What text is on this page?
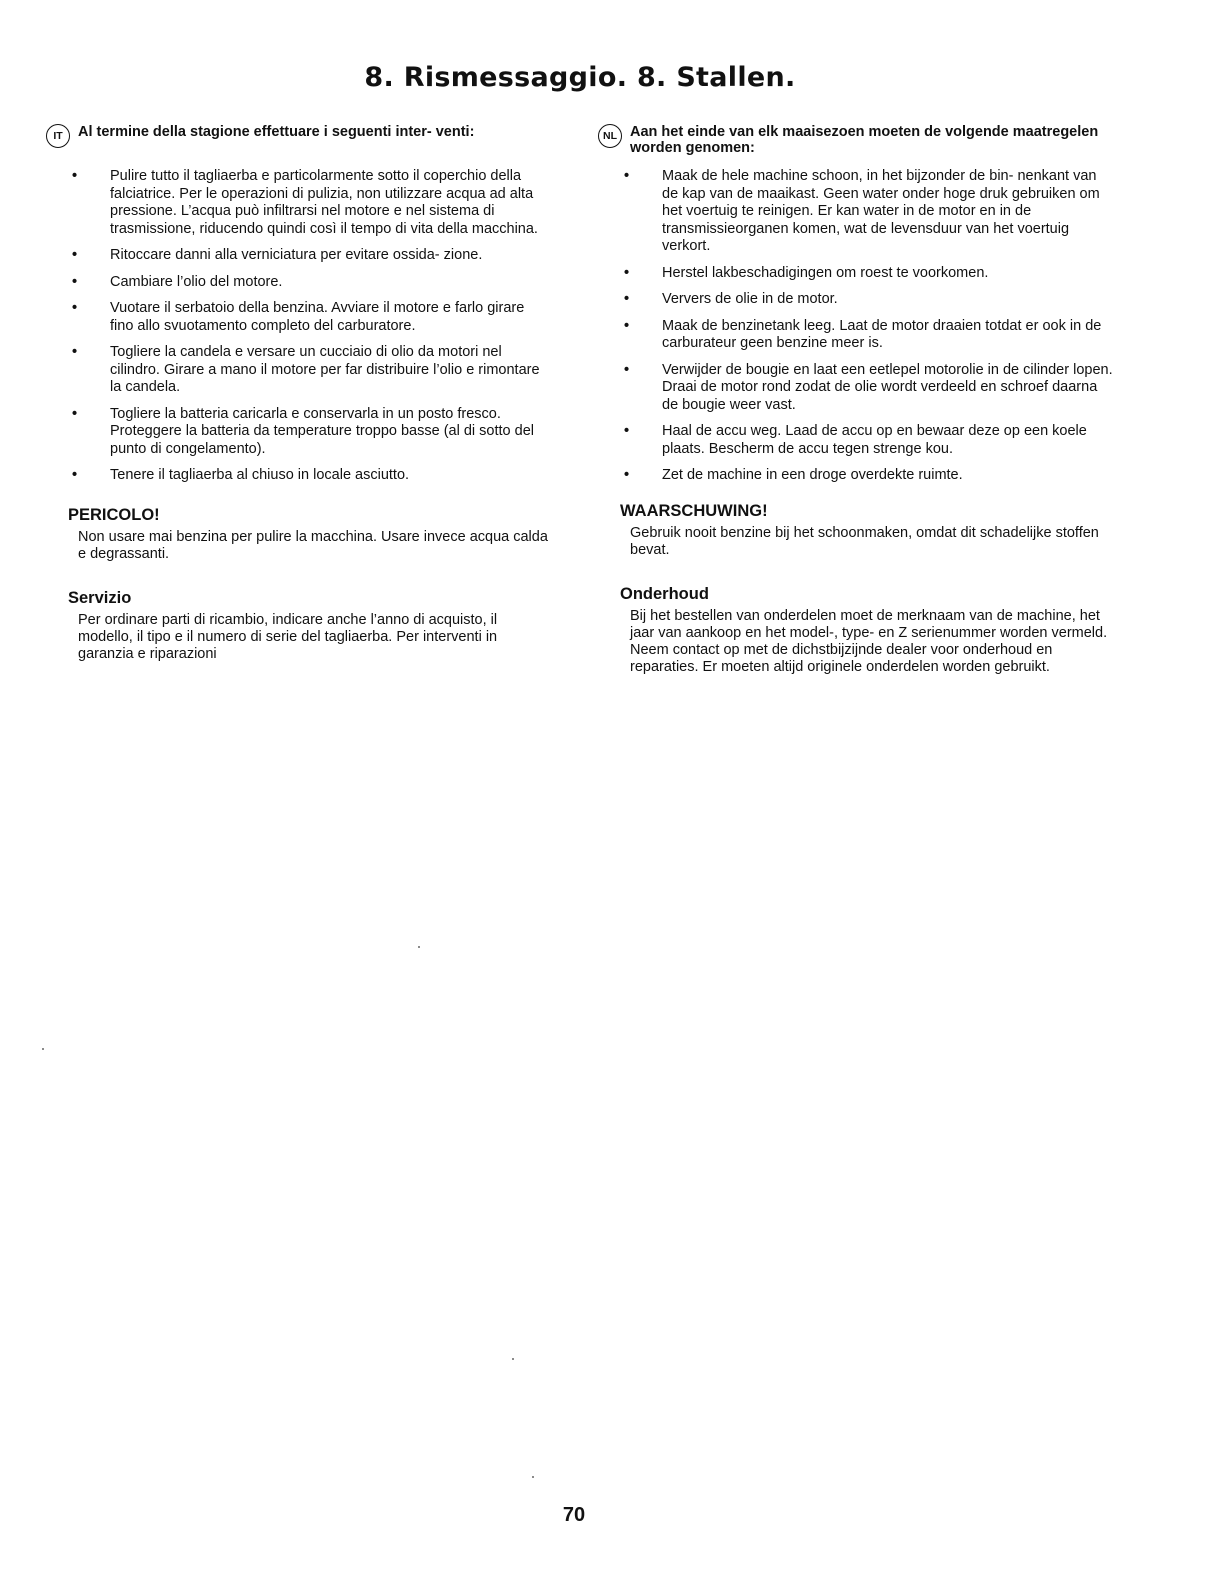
8. Rismessaggio. 8. Stallen.
IT	Al termine della stagione effettuare i seguenti inter- venti:

• Pulire tutto il tagliaerba e particolarmente sotto il coperchio della falciatrice. Per le operazioni di pulizia, non utilizzare acqua ad alta pressione. L’acqua può infiltrarsi nel motore e nel sistema di trasmissione, riducendo quindi così il tempo di vita della macchina.
• Ritoccare danni alla verniciatura per evitare ossida- zione.
• Cambiare l’olio del motore.
• Vuotare il serbatoio della benzina. Avviare il motore e farlo girare fino allo svuotamento completo del carburatore.
• Togliere la candela e versare un cucciaio di olio da motori nel cilindro. Girare a mano il motore per far distribuire l’olio e rimontare la candela.
• Togliere la batteria caricarla e conservarla in un posto fresco. Proteggere la batteria da temperature troppo basse (al di sotto del punto di congelamento).
• Tenere il tagliaerba al chiuso in locale asciutto.
PERICOLO!

Non usare mai benzina per pulire la macchina. Usare invece acqua calda e degrassanti.

Servizio

Per ordinare parti di ricambio, indicare anche l’anno di acquisto, il modello, il tipo e il numero di serie del tagliaerba. Per interventi in garanzia e riparazioni

NL Aan het einde van elk maaisezoen moeten de volgende maatregelen worden genomen:

• Maak de hele machine schoon, in het bijzonder de bin- nenkant van de kap van de maaikast. Geen water onder hoge druk gebruiken om het voertuig te reinigen. Er kan water in de motor en in de transmissieorganen komen, wat de levensduur van het voertuig verkort.
• Herstel lakbeschadigingen om roest te voorkomen.
• Ververs de olie in de motor.
• Maak de benzinetank leeg. Laat de motor draaien totdat er ook in de carburateur geen benzine meer is.
• Verwijder de bougie en laat een eetlepel motorolie in de cilinder lopen. Draai de motor rond zodat de olie wordt verdeeld en schroef daarna de bougie weer vast.
• Haal de accu weg. Laad de accu op en bewaar deze op een koele plaats. Bescherm de accu tegen strenge kou.
• Zet de machine in een droge overdekte ruimte.
WAARSCHUWING!

Gebruik nooit benzine bij het schoonmaken, omdat dit schadelijke stoffen bevat.

Onderhoud

Bij het bestellen van onderdelen moet de merknaam van de machine, het jaar van aankoop en het model-, type- en Z serienummer worden vermeld. Neem contact op met de dichstbijzijnde dealer voor onderhoud en reparaties. Er moeten altijd originele onderdelen worden gebruikt.

70
